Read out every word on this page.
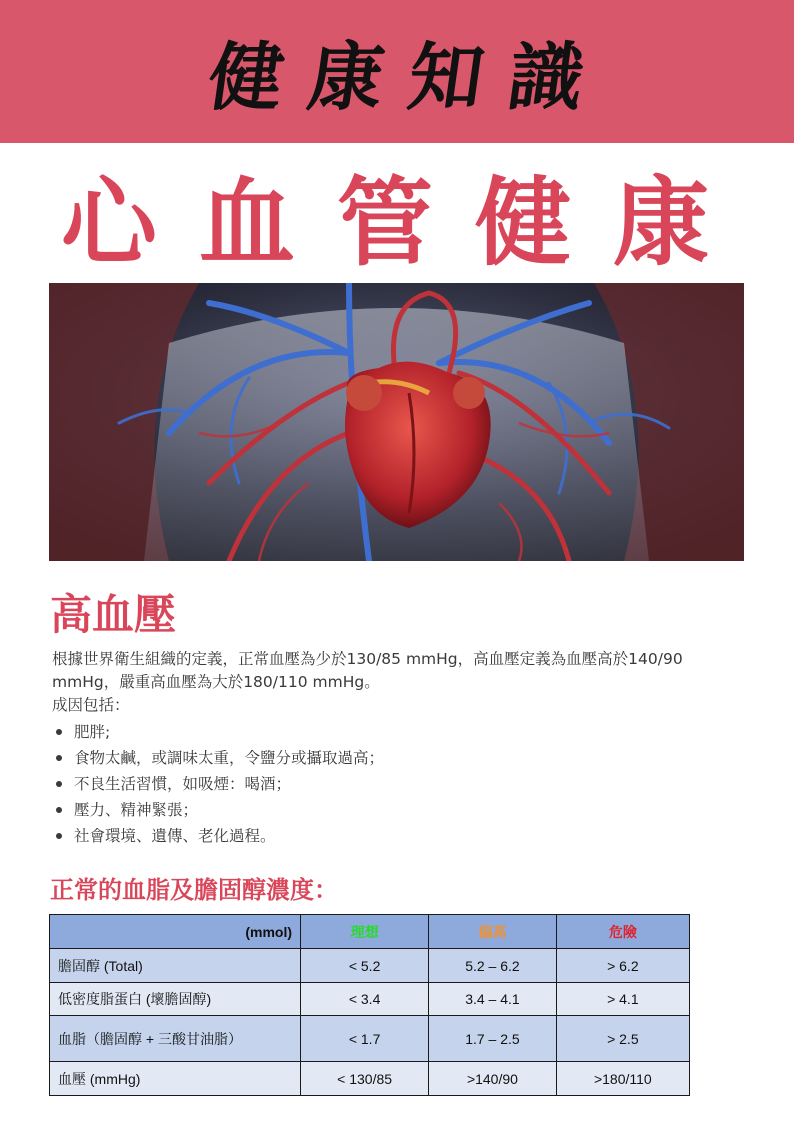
健康知識
心血管健康
高血壓

根據世界衛生組織的定義，正常血壓為少於130/85 mmHg，高血壓定義為血壓高於140/90 mmHg，嚴重高血壓為大於180/110 mmHg。

成因包括：

肥胖;
食物太鹹，或調味太重，令鹽分或攝取過高；
不良生活習慣，如吸煙：喝酒；
壓力、精神緊張；
社會環境、遺傳、老化過程。
正常的血脂及膽固醇濃度：
(mmol)	理想	偏高	危險
膽固醇 (Total)	< 5.2	5.2 – 6.2	> 6.2
低密度脂蛋白 (壞膽固醇)	< 3.4	3.4 – 4.1	> 4.1
血脂（膽固醇 + 三酸甘油脂）	< 1.7	1.7 – 2.5	> 2.5
血壓 (mmHg)	< 130/85	>140/90	>180/110
